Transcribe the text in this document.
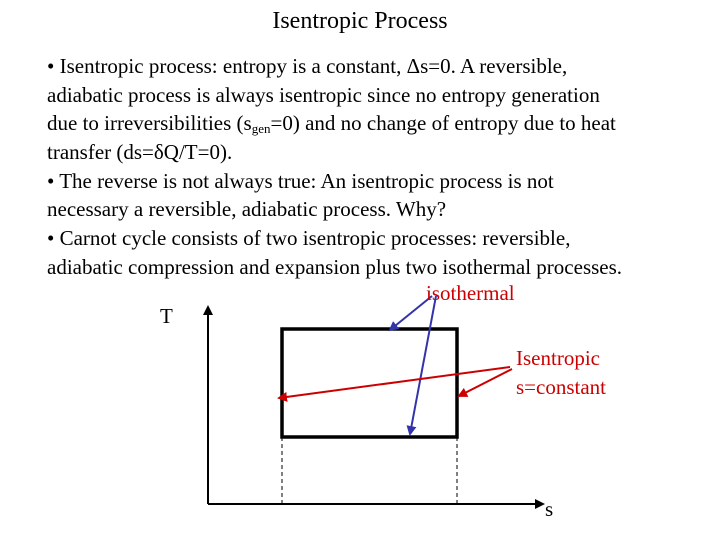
Isentropic Process
• Isentropic process: entropy is a constant, Δs=0. A reversible,
adiabatic process is always isentropic since no entropy generation
due to irreversibilities $(s_{gen}=0)$ and no change of entropy due to heat
transfer (ds=δQ/T=0).
• The reverse is not always true: An isentropic process is not
necessary a reversible, adiabatic process. Why?
• Carnot cycle consists of two isentropic processes: reversible,
adiabatic compression and expansion plus two isothermal processes.
T
s
isothermal
Isentropic
s=constant
